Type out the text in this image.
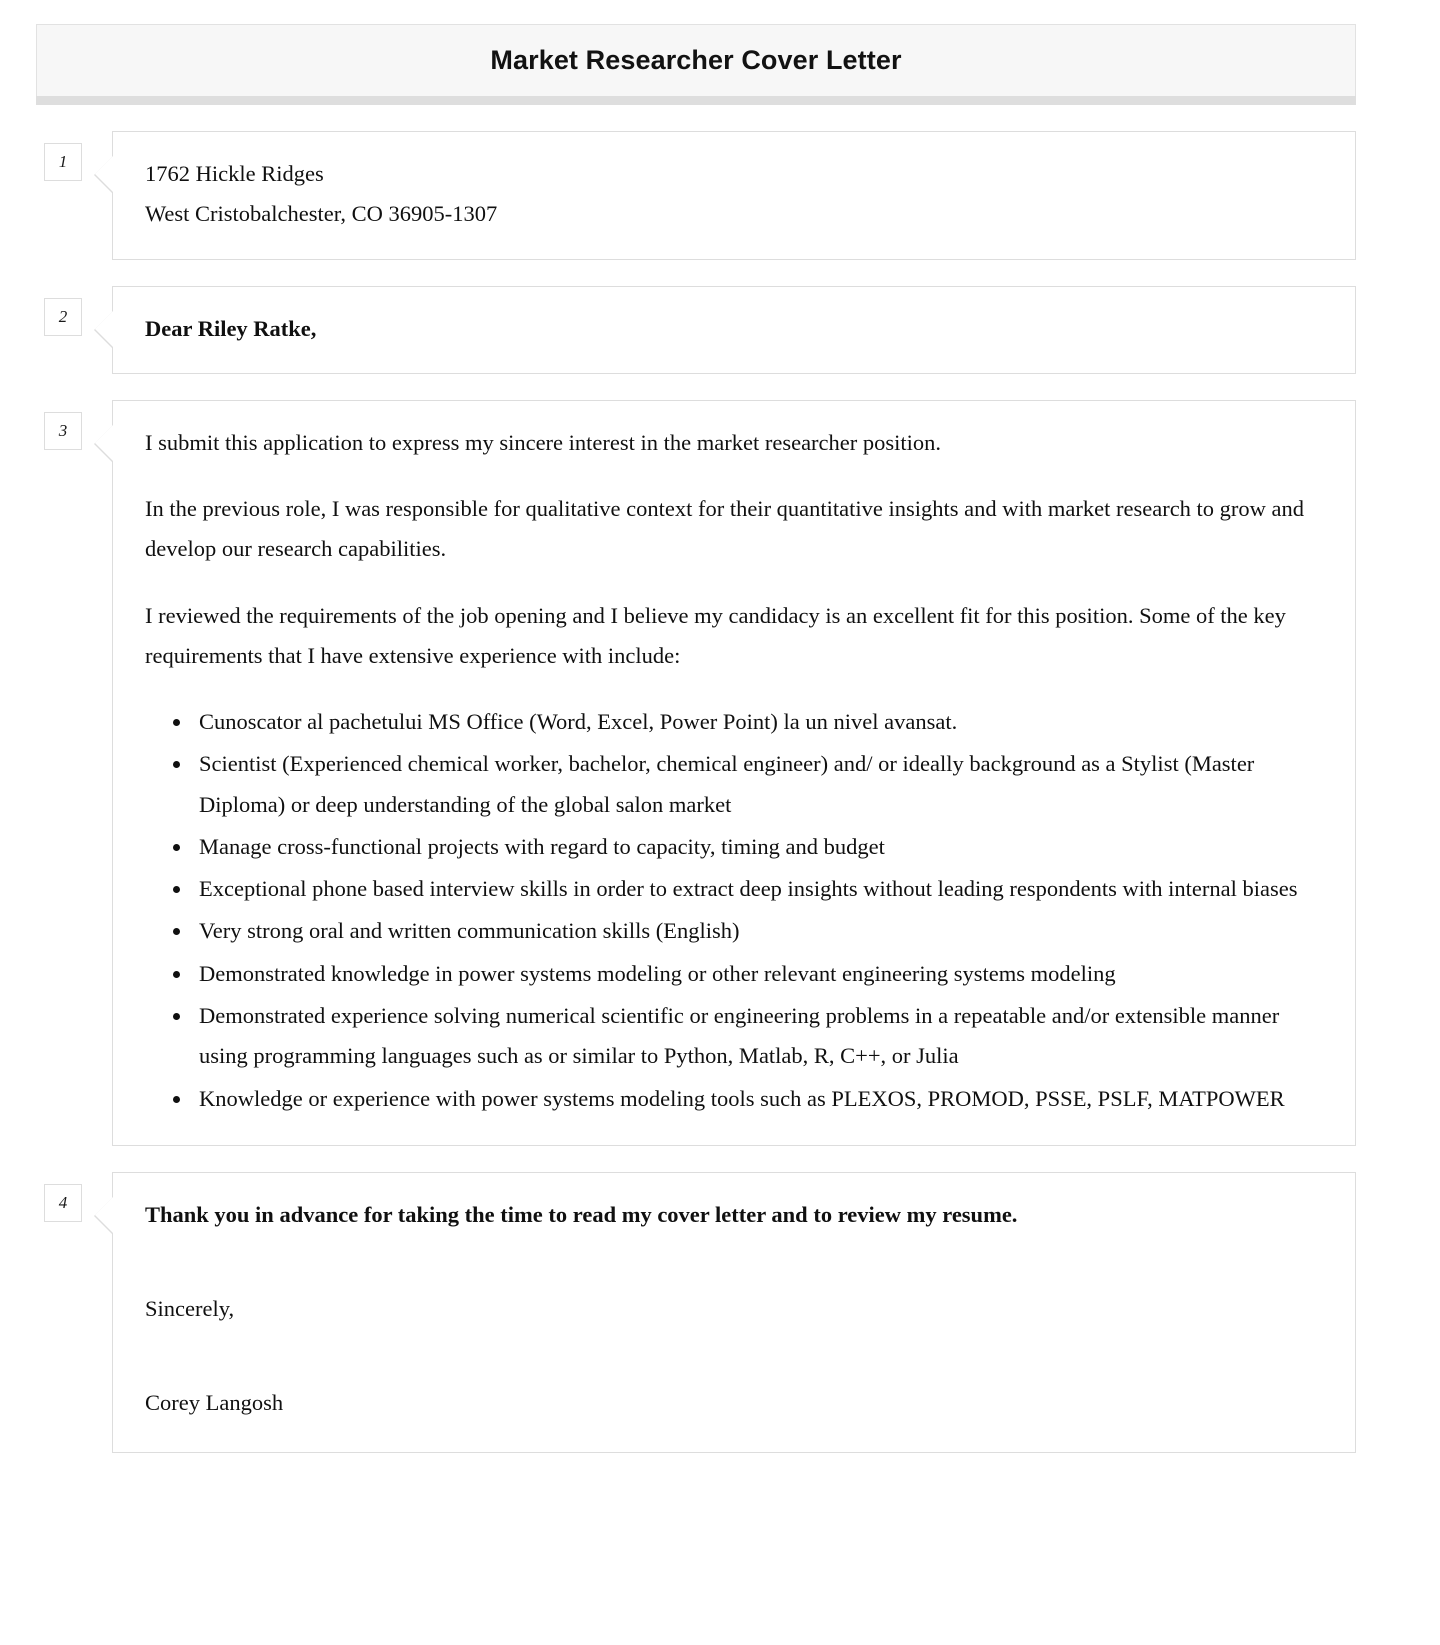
Market Researcher Cover Letter
1	1762 Hickle Ridges
West Cristobalchester, CO 36905-1307
2	Dear Riley Ratke,
3	I submit this application to express my sincere interest in the market researcher position.

In the previous role, I was responsible for qualitative context for their quantitative insights and with market research to grow and develop our research capabilities.

I reviewed the requirements of the job opening and I believe my candidacy is an excellent fit for this position. Some of the key requirements that I have extensive experience with include:

• Cunoscator al pachetului MS Office (Word, Excel, Power Point) la un nivel avansat.
• Scientist (Experienced chemical worker, bachelor, chemical engineer) and/ or ideally background as a Stylist (Master Diploma) or deep understanding of the global salon market
• Manage cross-functional projects with regard to capacity, timing and budget
• Exceptional phone based interview skills in order to extract deep insights without leading respondents with internal biases
• Very strong oral and written communication skills (English)
• Demonstrated knowledge in power systems modeling or other relevant engineering systems modeling
• Demonstrated experience solving numerical scientific or engineering problems in a repeatable and/or extensible manner using programming languages such as or similar to Python, Matlab, R, C++, or Julia
• Knowledge or experience with power systems modeling tools such as PLEXOS, PROMOD, PSSE, PSLF, MATPOWER
4	Thank you in advance for taking the time to read my cover letter and to review my resume.

Sincerely,

Corey Langosh
